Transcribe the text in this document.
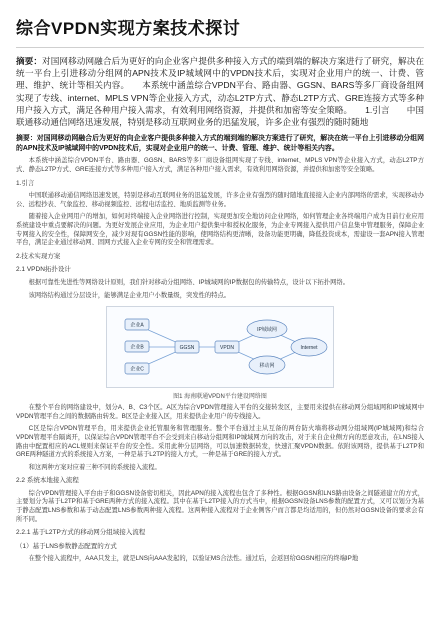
综合VPDN实现方案技术探讨

摘要：对国网移动网融合后为更好的向企业客户提供多种接入方式的端到端的解决方案进行了研究，解决在统一平台上引进移动分组网的APN技术及IP城域网中的VPDN技术后，实现对企业用户的统一、计费、管理、维护、统计等相关内容。　　本系统中涵盖综合VPDN平台、路由器、GGSN、BARS等多厂商设备组网实现了专线、internet、MPLS VPN等企业接入方式，动态L2TP方式、静态L2TP方式、GRE连接方式等多种用户接入方式，满足各种用户接入需求，有效利用网络资源，并提供和加密等安全策略。　　1.引言　　中国联通移动通信网络迅速发展，特别是移动互联网业务的迅猛发展，许多企业有强烈的随时随地

摘要：对国网移动网融合后为更好的向企业客户提供多种接入方式的端到端的解决方案进行了研究，解决在统一平台上引进移动分组网的APN技术及IP城域网中的VPDN技术后，实现对企业用户的统一、计费、管理、维护、统计等相关内容。

本系统中涵盖综合VPDN平台、路由器、GGSN、BARS等多厂商设备组网实现了专线、internet、MPLS VPN等企业接入方式，动态L2TP方式、静态L2TP方式、GRE连接方式等多种用户接入方式，满足各种用户接入需求，有效利用网络资源，并提供和加密等安全策略。

1.引言

中国联通移动通信网络迅速发展，特别是移动互联网业务的迅猛发展，许多企业有强烈的随时随地直接接入企业内部网络的需求，实现移动办公、远程抄表、气象监控、移动视频监控、远程电话监控、地质监测等业务。

随着接入企业网用户的增加，如何对终端接入企业网络进行控制，实现更加安全地访问企业网络，如何管理企业各终端用户成为目前行业应用系统建设中重点要解决的问题。为更好发展企业应用，为企业用户提供集中和授权化服务，为企业专网接入提供用户信息集中管理服务，保障企业专网接入的安全性，保障网安全，减少对现有GGSN性能的影响，使网络结构更清晰，设备功能更明确，降低投资成本，需建设一套APN接入管理平台，满足企业通过移动网、固网方式接入企业专网的安全和管理需求。

2.技术实现方案

2.1 VPDN拓扑设计

根据可靠性先进性等网络设计原则，我们针对移动分组网络、IP城域网的IP数据包的传输特点，设计以下拓扑网络。

该网络结构通过分层设计，能够满足企业用户小数量级，突发性的特点。

企业A
企业B
企业C
GGSN	VPDN
IP城域网
移动网
Internet

图1 海南联通VPDN平台建设网络图

在整个平台的网络建设中，划分A、B、C3个区。A区为综合VPDN管理接入平台的交接转发区，主要用来提供在移动网分组域网和IP城域网中VPDN管理平台之间的数据路由转发。B区是企业接入区，用来提供企业用户的专线接入。

C区是综合VPDN管理平台，用来提供企业托管服务和管理服务。整个平台通过主从互备的两台防火墙将移动网分组域网(IP城域网)和综合VPDN管理平台隔离开，以保证综合VPDN管理平台不会受到来自移动分组网和IP城域网方向的攻击，对于来自企业侧方向的恶意攻击，在LNS接入路由中配置相应的ACL规则来保证平台的安全性。采用此种分层网络，可以加速数据转发，快速汇聚VPDN数据。依附该网络，提供基于L2TP和GRE两种隧道方式的系统接入方案，一种是基于L2TP的接入方式，一种是基于GRE的接入方式。

和这两种方案对应着三种不同的系统接入流程。

2.2 系统本地接入流程

综合VPDN管理接入平台由子和GGSN设备密切相关，因此APN的接入流程也包含了多种性。根据GGSN和LNS路由设备之间隧道建立的方式，主要划分为基于L2TP和基于GRE两种方式的接入流程。其中在基于L2TP接入的方式当中，根据GGSN设备LNS参数的配置方式，又可以划分为基于静态配置LNS参数和基于动态配置LNS参数两种接入流程。这两种接入流程对于企业侧客户而言都是均适用的，但仍然对GGSN设备的要求会有所不同。

2.2.1 基于L2TP方式的移动网分组域接入流程

（1）基于LNS参数静态配置的方式

在整个接入流程中，AAA只发主，就是LNS向AAA发起的，以验证MS合法性。通过后，会返回给GGSN相应的终端IP地
